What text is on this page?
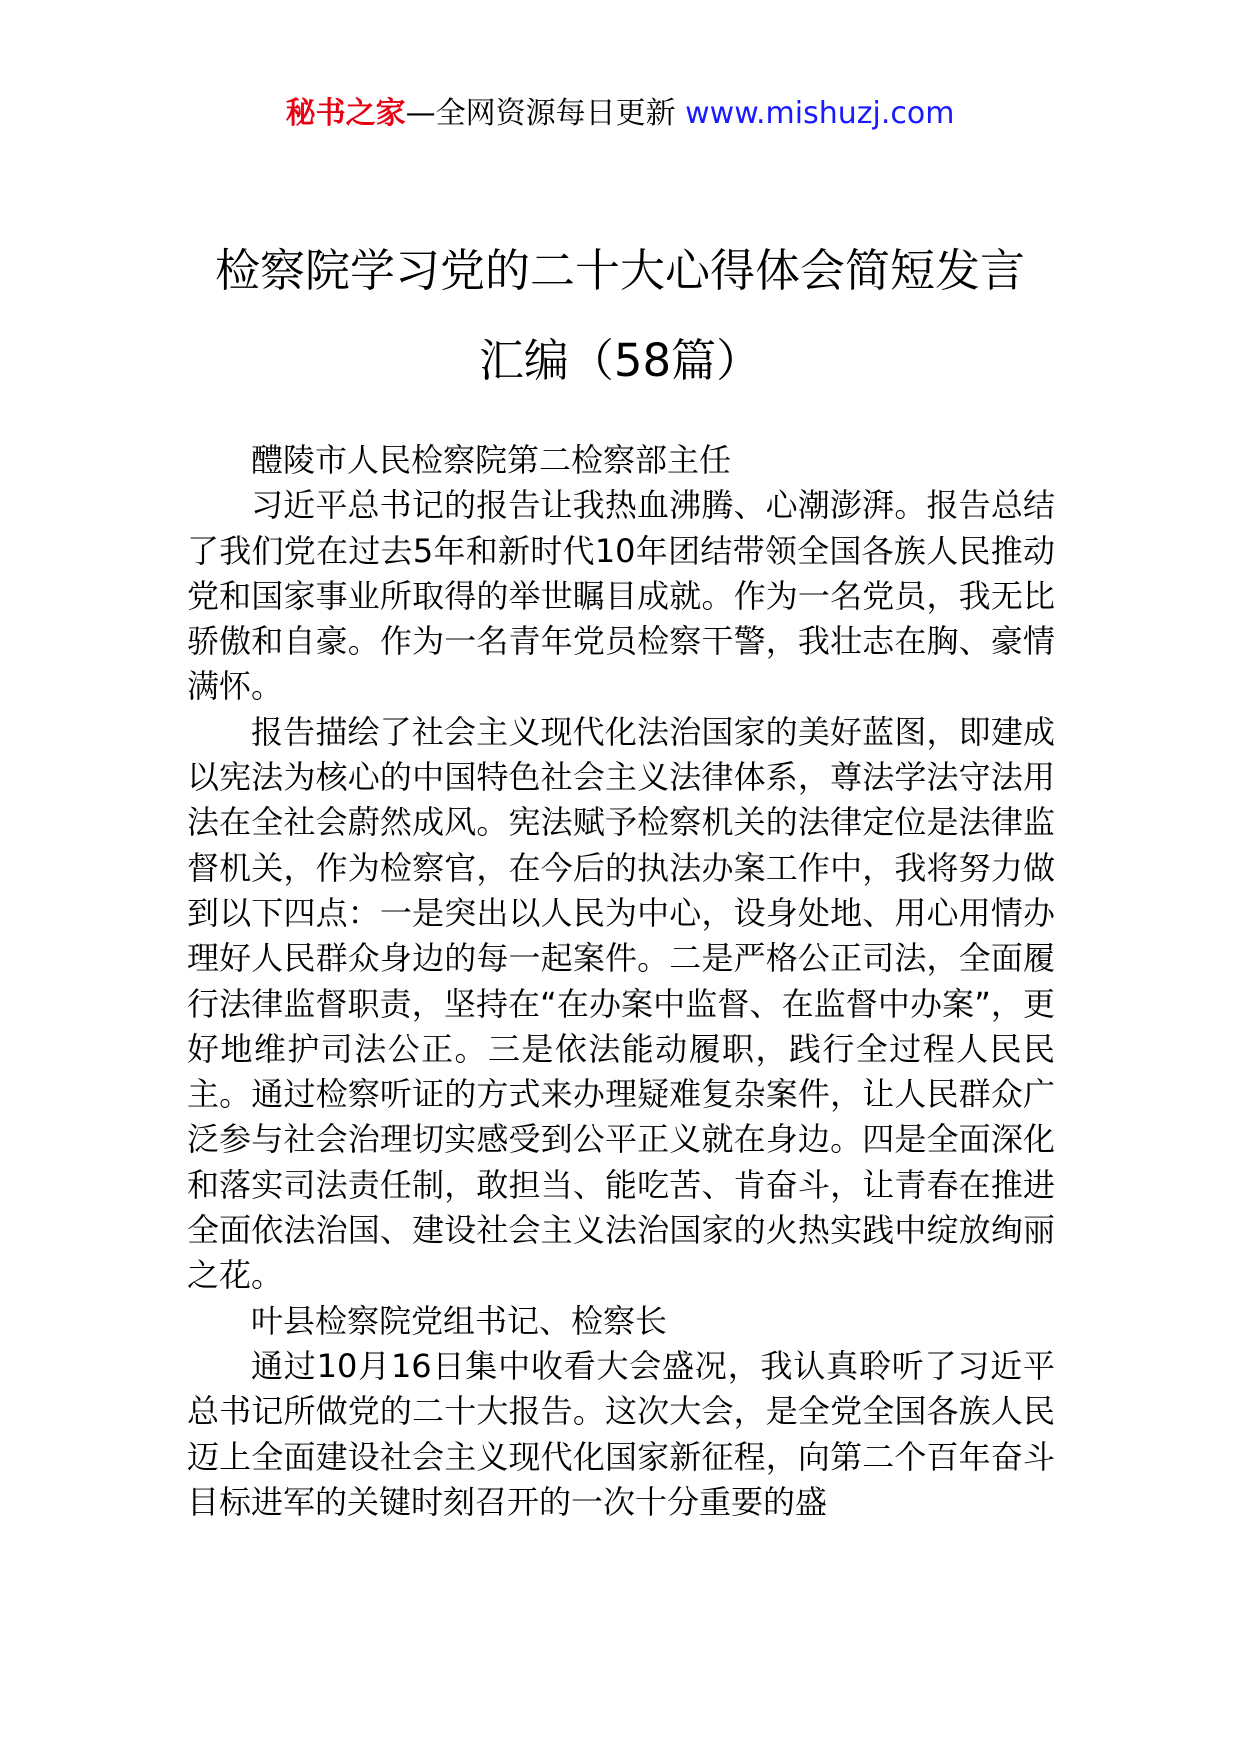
秘书之家—全网资源每日更新 www.mishuzj.com
检察院学习党的二十大心得体会简短发言
汇编（58篇）
醴陵市人民检察院第二检察部主任

习近平总书记的报告让我热血沸腾、心潮澎湃。报告总结了我们党在过去5年和新时代10年团结带领全国各族人民推动党和国家事业所取得的举世瞩目成就。作为一名党员，我无比骄傲和自豪。作为一名青年党员检察干警，我壮志在胸、豪情满怀。

报告描绘了社会主义现代化法治国家的美好蓝图，即建成以宪法为核心的中国特色社会主义法律体系，尊法学法守法用法在全社会蔚然成风。宪法赋予检察机关的法律定位是法律监督机关，作为检察官，在今后的执法办案工作中，我将努力做到以下四点：一是突出以人民为中心，设身处地、用心用情办理好人民群众身边的每一起案件。二是严格公正司法，全面履行法律监督职责，坚持在“在办案中监督、在监督中办案”，更好地维护司法公正。三是依法能动履职，践行全过程人民民主。通过检察听证的方式来办理疑难复杂案件，让人民群众广泛参与社会治理切实感受到公平正义就在身边。四是全面深化和落实司法责任制，敢担当、能吃苦、肯奋斗，让青春在推进全面依法治国、建设社会主义法治国家的火热实践中绽放绚丽之花。

叶县检察院党组书记、检察长

通过10月16日集中收看大会盛况，我认真聆听了习近平总书记所做党的二十大报告。这次大会，是全党全国各族人民迈上全面建设社会主义现代化国家新征程，向第二个百年奋斗目标进军的关键时刻召开的一次十分重要的盛
